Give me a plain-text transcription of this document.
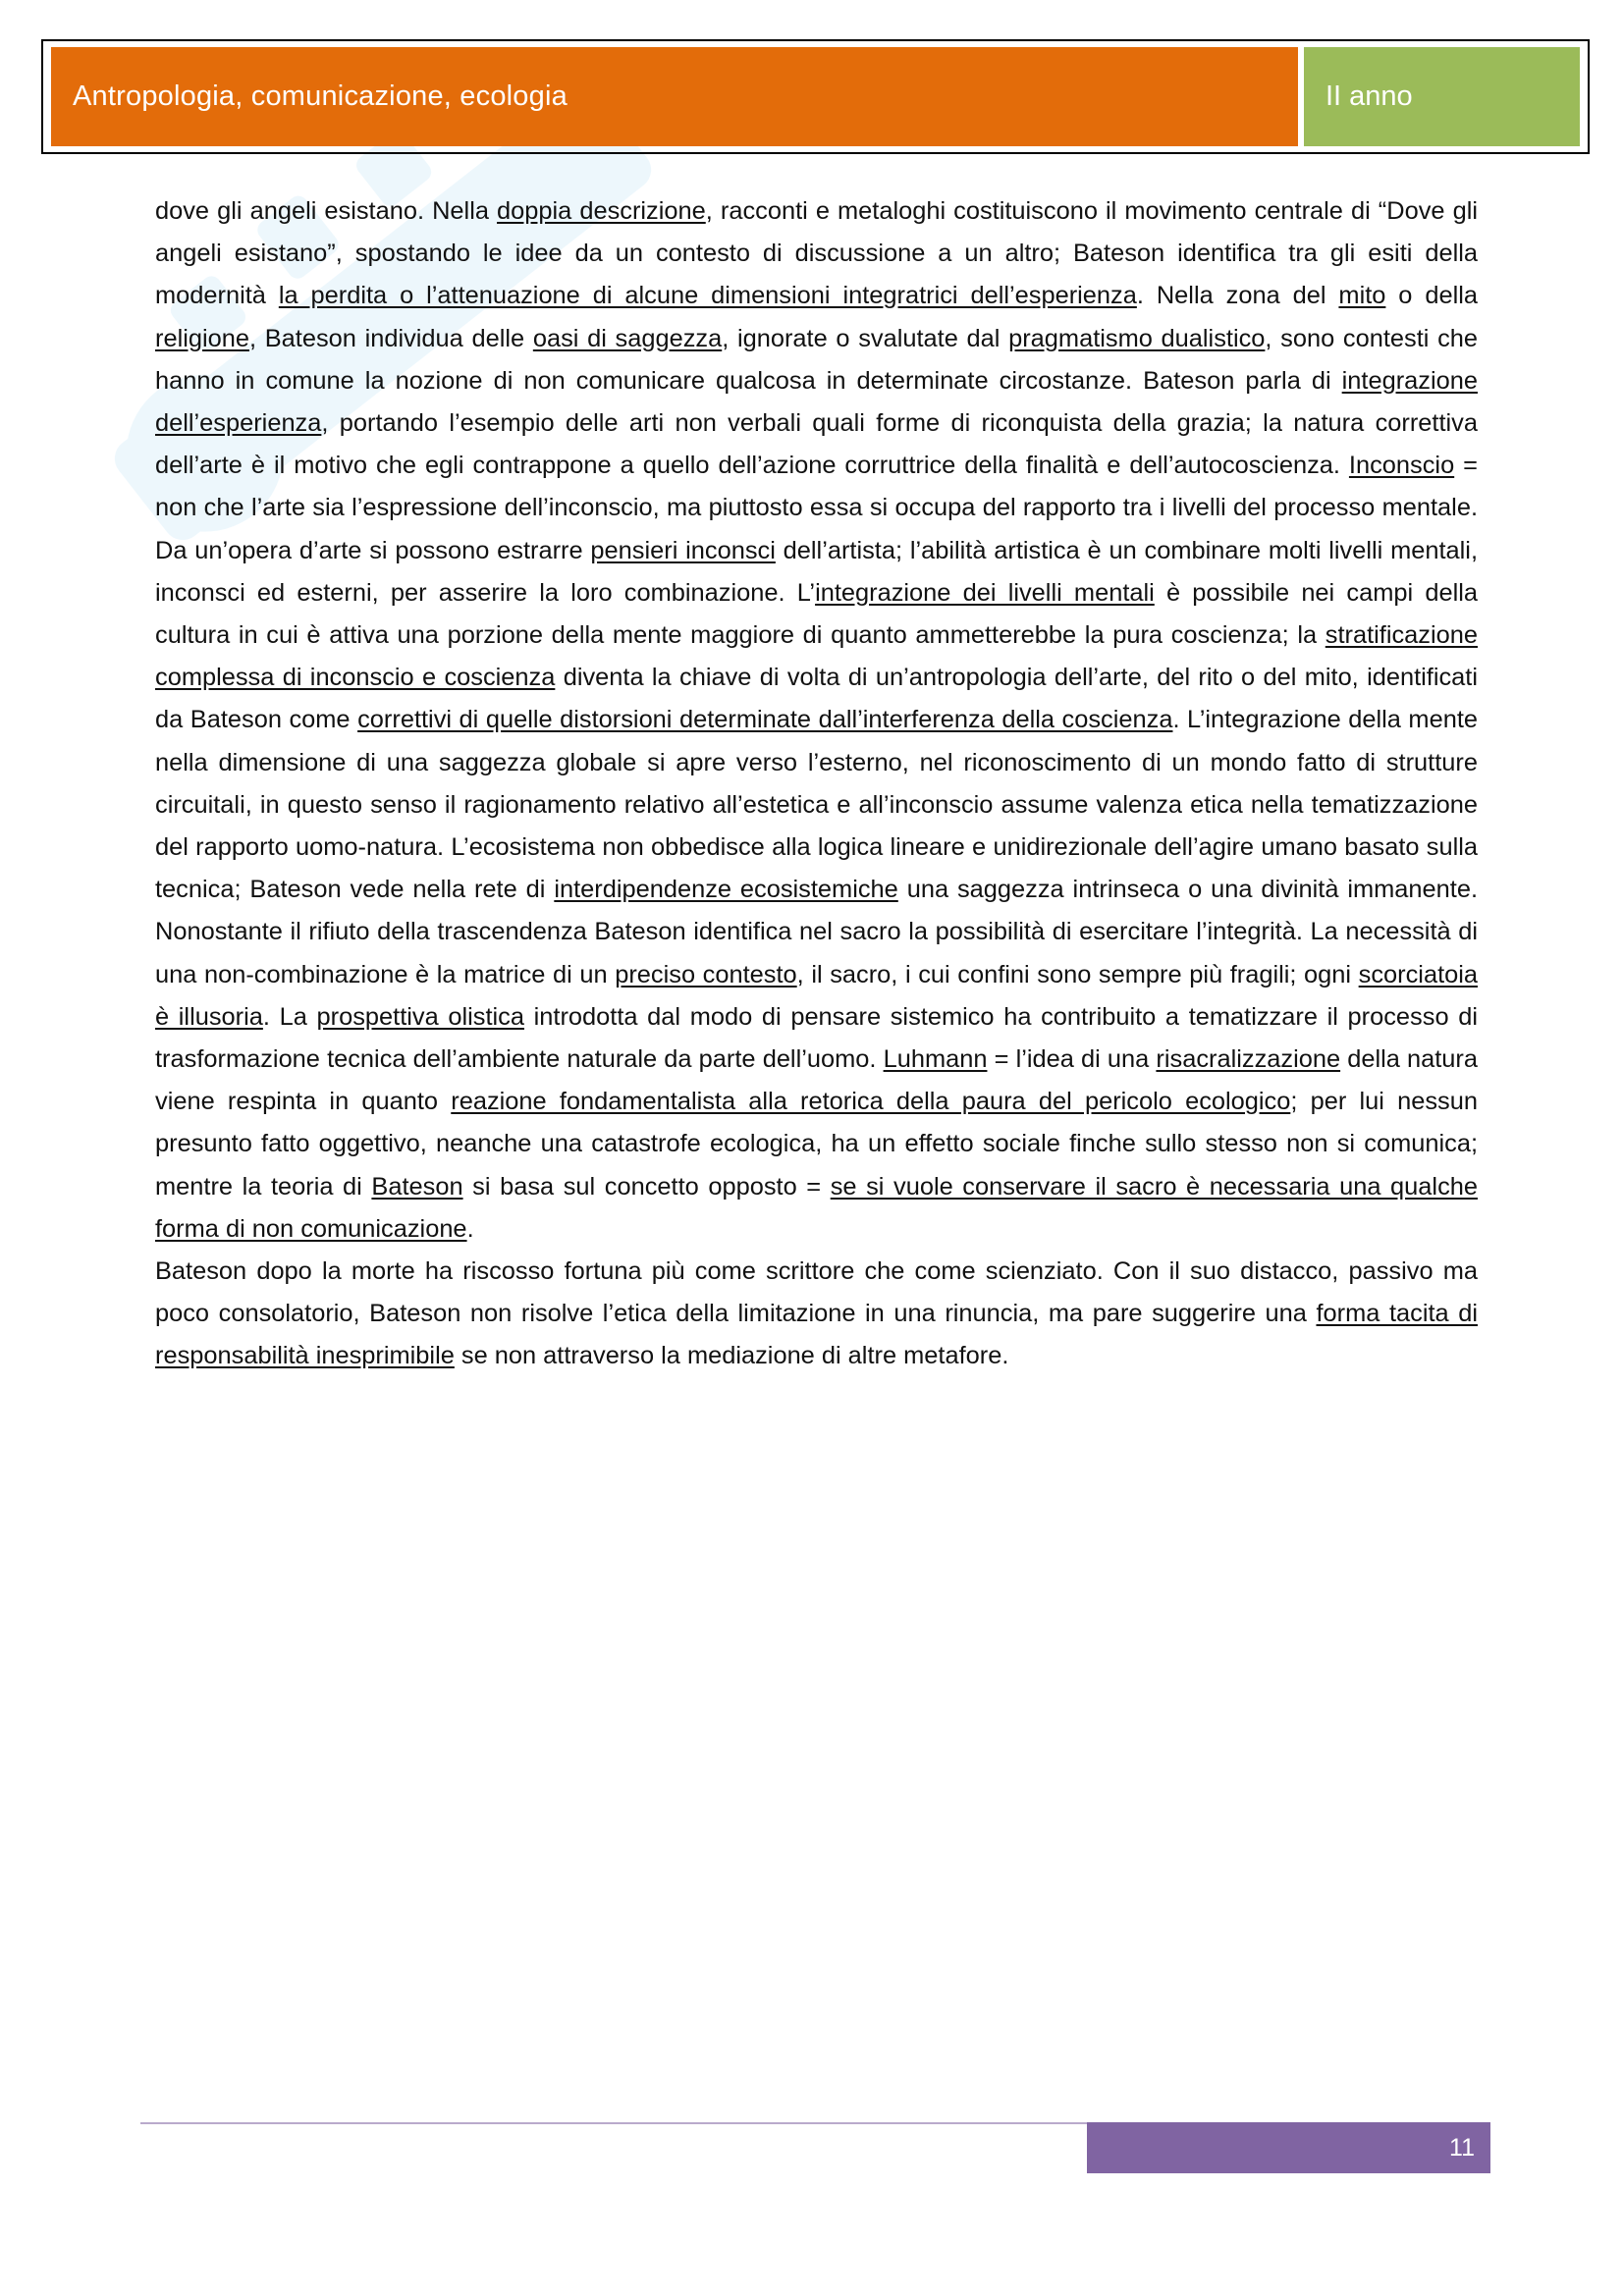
Antropologia, comunicazione, ecologia	II anno

dove gli angeli esistano. Nella doppia descrizione, racconti e metaloghi costituiscono il movimento centrale di “Dove gli angeli esistano”, spostando le idee da un contesto di discussione a un altro; Bateson identifica tra gli esiti della modernità la perdita o l’attenuazione di alcune dimensioni integratrici dell’esperienza. Nella zona del mito o della religione, Bateson individua delle oasi di saggezza, ignorate o svalutate dal pragmatismo dualistico, sono contesti che hanno in comune la nozione di non comunicare qualcosa in determinate circostanze. Bateson parla di integrazione dell’esperienza, portando l’esempio delle arti non verbali quali forme di riconquista della grazia; la natura correttiva dell’arte è il motivo che egli contrappone a quello dell’azione corruttrice della finalità e dell’autocoscienza. Inconscio = non che l’arte sia l’espressione dell’inconscio, ma piuttosto essa si occupa del rapporto tra i livelli del processo mentale. Da un’opera d’arte si possono estrarre pensieri inconsci dell’artista; l’abilità artistica è un combinare molti livelli mentali, inconsci ed esterni, per asserire la loro combinazione. L’integrazione dei livelli mentali è possibile nei campi della cultura in cui è attiva una porzione della mente maggiore di quanto ammetterebbe la pura coscienza; la stratificazione complessa di inconscio e coscienza diventa la chiave di volta di un’antropologia dell’arte, del rito o del mito, identificati da Bateson come correttivi di quelle distorsioni determinate dall’interferenza della coscienza. L’integrazione della mente nella dimensione di una saggezza globale si apre verso l’esterno, nel riconoscimento di un mondo fatto di strutture circuitali, in questo senso il ragionamento relativo all’estetica e all’inconscio assume valenza etica nella tematizzazione del rapporto uomo-natura. L’ecosistema non obbedisce alla logica lineare e unidirezionale dell’agire umano basato sulla tecnica; Bateson vede nella rete di interdipendenze ecosistemiche una saggezza intrinseca o una divinità immanente. Nonostante il rifiuto della trascendenza Bateson identifica nel sacro la possibilità di esercitare l’integrità. La necessità di una non-combinazione è la matrice di un preciso contesto, il sacro, i cui confini sono sempre più fragili; ogni scorciatoia è illusoria. La prospettiva olistica introdotta dal modo di pensare sistemico ha contribuito a tematizzare il processo di trasformazione tecnica dell’ambiente naturale da parte dell’uomo. Luhmann = l’idea di una risacralizzazione della natura viene respinta in quanto reazione fondamentalista alla retorica della paura del pericolo ecologico; per lui nessun presunto fatto oggettivo, neanche una catastrofe ecologica, ha un effetto sociale finche sullo stesso non si comunica; mentre la teoria di Bateson si basa sul concetto opposto = se si vuole conservare il sacro è necessaria una qualche forma di non comunicazione.

Bateson dopo la morte ha riscosso fortuna più come scrittore che come scienziato. Con il suo distacco, passivo ma poco consolatorio, Bateson non risolve l’etica della limitazione in una rinuncia, ma pare suggerire una forma tacita di responsabilità inesprimibile se non attraverso la mediazione di altre metafore.

11
